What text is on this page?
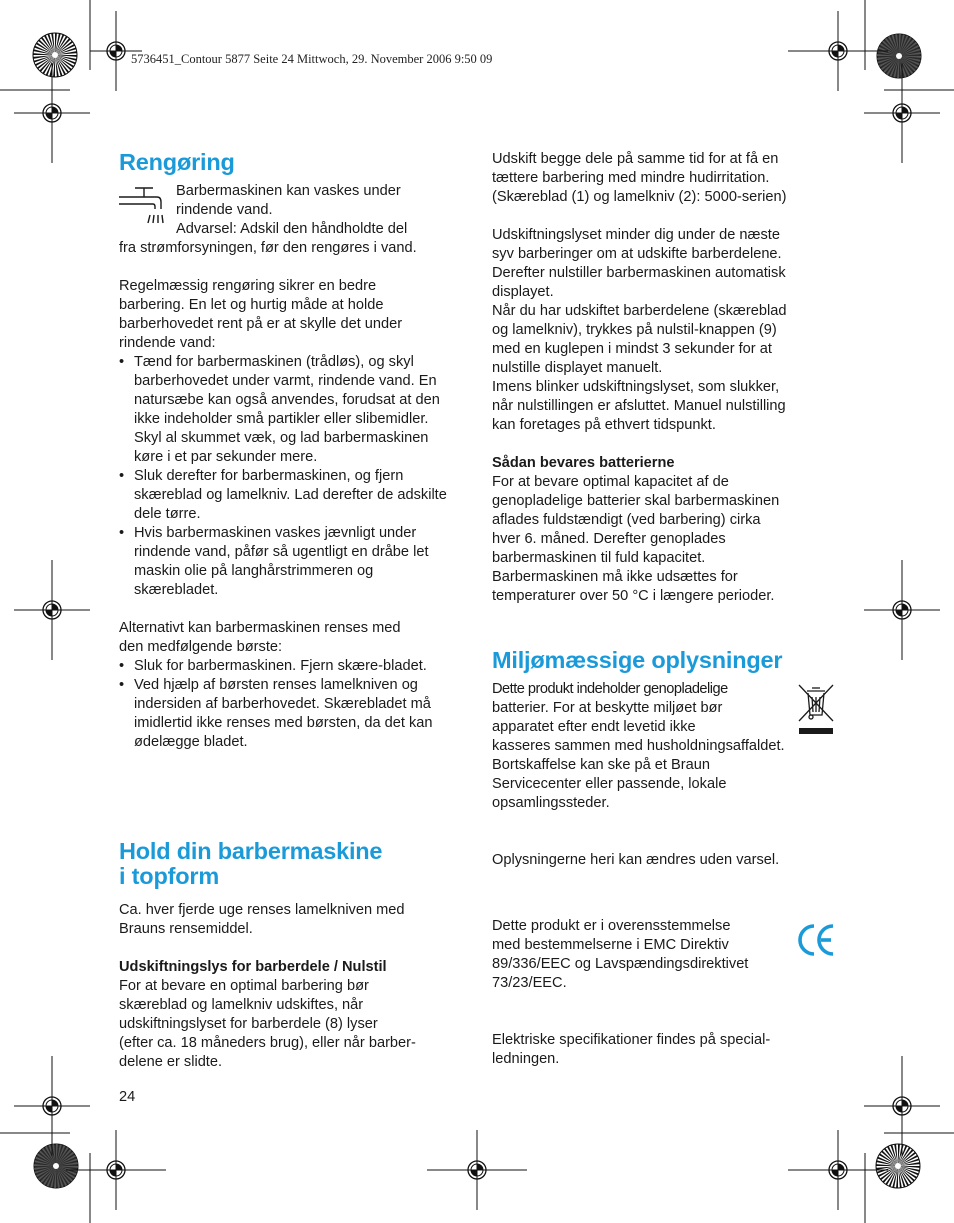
5736451_Contour 5877 Seite 24 Mittwoch, 29. November 2006 9:50 09
Rengøring

Barbermaskinen kan vaskes under

rindende vand.

Advarsel: Adskil den håndholdte del

fra strømforsyningen, før den rengøres i vand.

Regelmæssig rengøring sikrer en bedre

barbering. En let og hurtig måde at holde

barberhovedet rent på er at skylle det under

rindende vand:

• Tænd for barbermaskinen (trådløs), og skyl barberhovedet under varmt, rindende vand. En natursæbe kan også anvendes, forudsat at den ikke indeholder små partikler eller slibemidler. Skyl al skummet væk, og lad barbermaskinen køre i et par sekunder mere.
• Sluk derefter for barbermaskinen, og fjern skæreblad og lamelkniv. Lad derefter de adskilte dele tørre.
• Hvis barbermaskinen vaskes jævnligt under rindende vand, påfør så ugentligt en dråbe let maskin olie på langhårstrimmeren og skærebladet.

Alternativt kan barbermaskinen renses med

den medfølgende børste:

• Sluk for barbermaskinen. Fjern skære-bladet.
• Ved hjælp af børsten renses lamelkniven og indersiden af barberhovedet. Skærebladet må imidlertid ikke renses med børsten, da det kan ødelægge bladet.
Hold din barbermaskine
i topform

Ca. hver fjerde uge renses lamelkniven med

Brauns rensemiddel.

Udskiftningslys for barberdele / Nulstil

For at bevare en optimal barbering bør

skæreblad og lamelkniv udskiftes, når

udskiftningslyset for barberdele (8) lyser

(efter ca. 18 måneders brug), eller når barber-

delene er slidte.

24

Udskift begge dele på samme tid for at få en

tættere barbering med mindre hudirritation.

(Skæreblad (1) og lamelkniv (2): 5000-serien)

Udskiftningslyset minder dig under de næste

syv barberinger om at udskifte barberdelene.

Derefter nulstiller barbermaskinen automatisk

displayet.

Når du har udskiftet barberdelene (skæreblad

og lamelkniv), trykkes på nulstil-knappen (9)

med en kuglepen i mindst 3 sekunder for at

nulstille displayet manuelt.

Imens blinker udskiftningslyset, som slukker,

når nulstillingen er afsluttet. Manuel nulstilling

kan foretages på ethvert tidspunkt.

Sådan bevares batterierne

For at bevare optimal kapacitet af de

genopladelige batterier skal barbermaskinen

aflades fuldstændigt (ved barbering) cirka

hver 6. måned. Derefter genoplades

barbermaskinen til fuld kapacitet.

Barbermaskinen må ikke udsættes for

temperaturer over 50 °C i længere perioder.

Miljømæssige oplysninger

Dette produkt indeholder genopladelige

batterier. For at beskytte miljøet bør

apparatet efter endt levetid ikke

kasseres sammen med husholdningsaffaldet.

Bortskaffelse kan ske på et Braun

Servicecenter eller passende, lokale

opsamlingssteder.

Oplysningerne heri kan ændres uden varsel.

Dette produkt er i overensstemmelse

med bestemmelserne i EMC Direktiv

89/336/EEC og Lavspændingsdirektivet

73/23/EEC.

Elektriske specifikationer findes på special-

ledningen.
